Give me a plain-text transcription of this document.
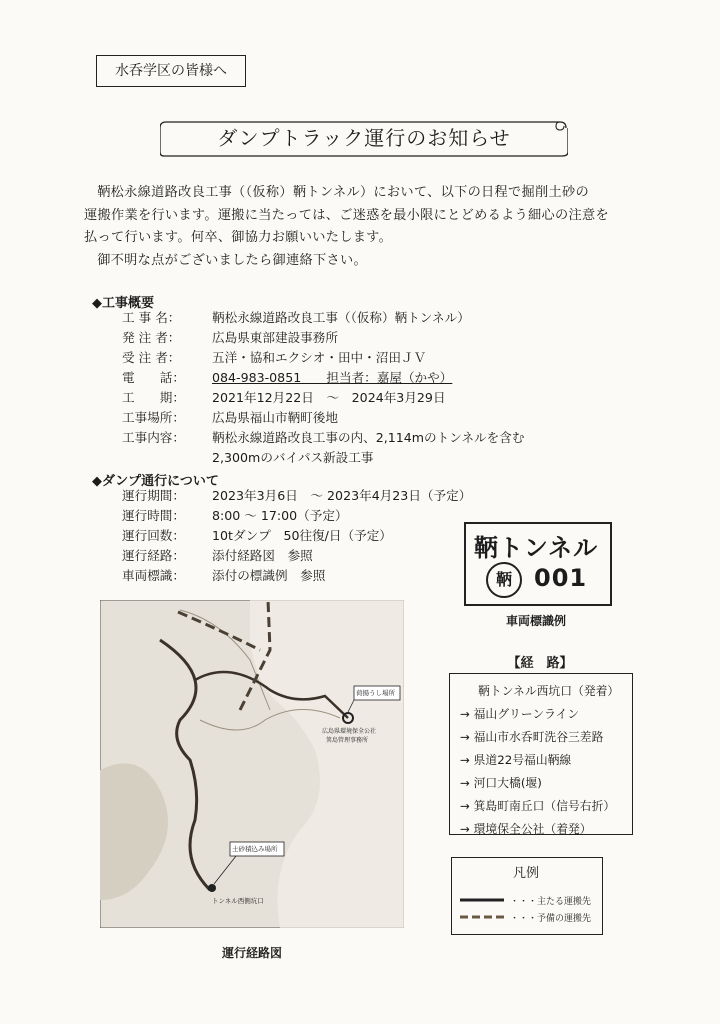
水呑学区の皆様へ
ダンプトラック運行のお知らせ

鞆松永線道路改良工事（（仮称）鞆トンネル）において、以下の日程で掘削土砂の

運搬作業を行います。運搬に当たっては、ご迷惑を最小限にとどめるよう細心の注意を

払って行います。何卒、御協力お願いいたします。

御不明な点がございましたら御連絡下さい。

◆工事概要
工 事 名：	鞆松永線道路改良工事（（仮称）鞆トンネル）
発 注 者：	広島県東部建設事務所
受 注 者：	五洋・協和エクシオ・田中・沼田ＪＶ
電　　話：	084-983-0851　　担当者：嘉屋（かや）
工　　期：	2021年12月22日　～　2024年3月29日
工事場所：	広島県福山市鞆町後地
工事内容：	鞆松永線道路改良工事の内、2,114mのトンネルを含む
2,300mのバイパス新設工事
◆ダンプ通行について
運行期間：	2023年3月6日　～ 2023年4月23日（予定）
運行時間：	8:00 ～ 17:00（予定）
運行回数：	10tダンプ　50往復/日（予定）
運行経路：	添付経路図　参照
車両標識：	添付の標識例　参照
鞆トンネル
鞆 001
車両標識例
【経　路】
鞆トンネル西坑口（発着）
→ 福山グリーンライン
→ 福山市水呑町洗谷三差路
→ 県道22号福山鞆線
→ 河口大橋(堰)
→ 箕島町南丘口（信号右折）
→ 環境保全公社（着発）
凡例
・・・主たる運搬先
・・・予備の運搬先
荷揚うし場所
土砂積込み場所
広島県環境保全公社
箕島管理事務所
トンネル西側坑口
運行経路図
